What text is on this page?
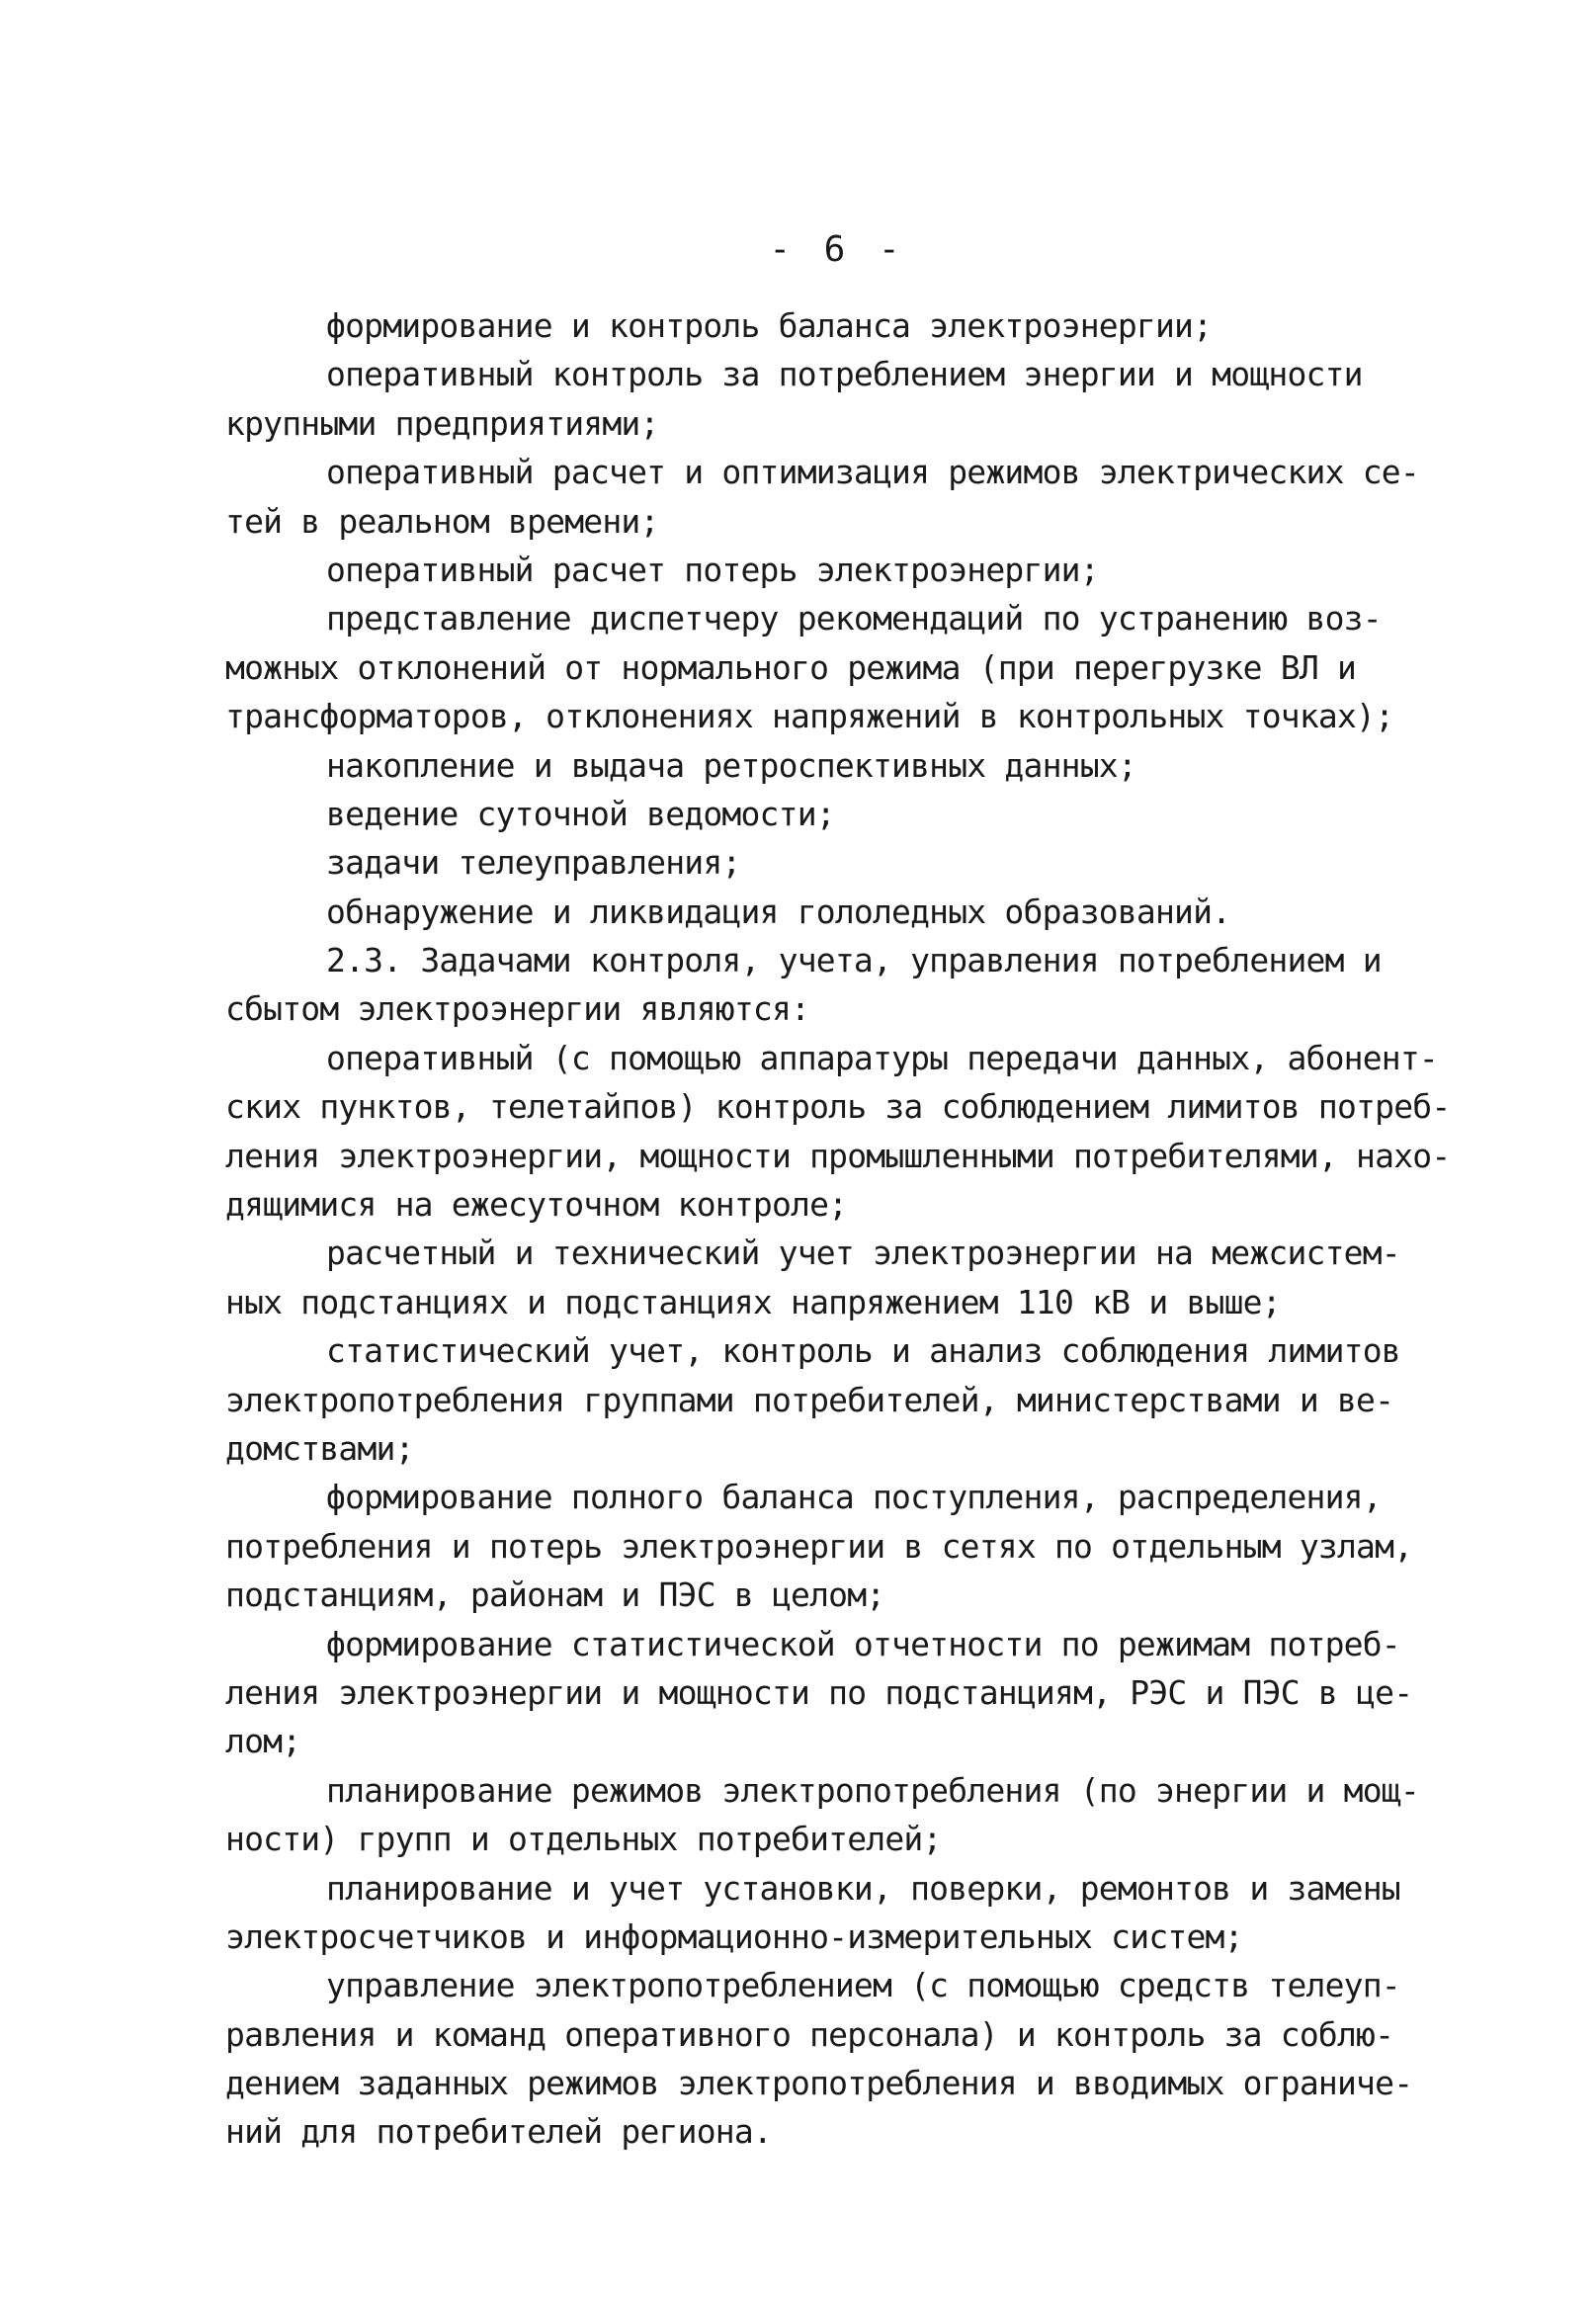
- 6 -
формирование и контроль баланса электроэнергии;
оперативный контроль за потреблением энергии и мощности
крупными предприятиями;
оперативный расчет и оптимизация режимов электрических се-
тей в реальном времени;
оперативный расчет потерь электроэнергии;
представление диспетчеру рекомендаций по устранению воз-
можных отклонений от нормального режима (при перегрузке ВЛ и
трансформаторов, отклонениях напряжений в контрольных точках);
накопление и выдача ретроспективных данных;
ведение суточной ведомости;
задачи телеуправления;
обнаружение и ликвидация гололедных образований.
2.3. Задачами контроля, учета, управления потреблением и
сбытом электроэнергии являются:
оперативный (с помощью аппаратуры передачи данных, абонент-
ских пунктов, телетайпов) контроль за соблюдением лимитов потреб-
ления электроэнергии, мощности промышленными потребителями, нахо-
дящимися на ежесуточном контроле;
расчетный и технический учет электроэнергии на межсистем-
ных подстанциях и подстанциях напряжением 110 кВ и выше;
статистический учет, контроль и анализ соблюдения лимитов
электропотребления группами потребителей, министерствами и ве-
домствами;
формирование полного баланса поступления, распределения,
потребления и потерь электроэнергии в сетях по отдельным узлам,
подстанциям, районам и ПЭС в целом;
формирование статистической отчетности по режимам потреб-
ления электроэнергии и мощности по подстанциям, РЭС и ПЭС в це-
лом;
планирование режимов электропотребления (по энергии и мощ-
ности) групп и отдельных потребителей;
планирование и учет установки, поверки, ремонтов и замены
электросчетчиков и информационно-измерительных систем;
управление электропотреблением (с помощью средств телеуп-
равления и команд оперативного персонала) и контроль за соблю-
дением заданных режимов электропотребления и вводимых ограниче-
ний для потребителей региона.
